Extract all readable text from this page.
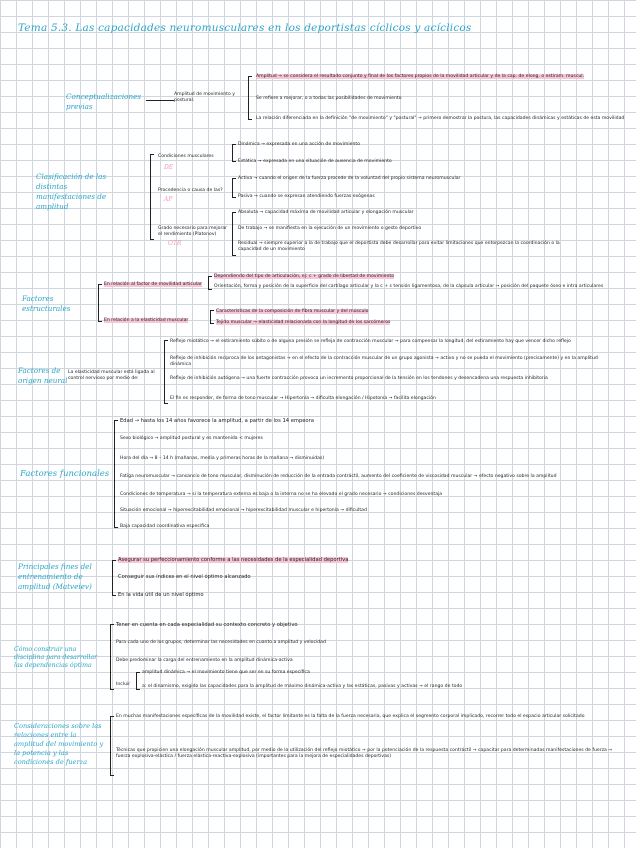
Tema 5.3. Las capacidades neuromusculares en los deportistas cíclicos y acíclicos
Conceptualizaciones previas
Amplitud de movimiento y postural.
Amplitud → se considera el resultado conjunto y final de los factores propios de la movilidad articular y de la cap. de elong. o estiram. muscul.
Se refiere a mejorar, o a todas las posibilidades de movimiento
La relación diferenciada en la definición "de movimiento" y "postural" → primero demostrar la postura, las capacidades dinámicas y estáticas de esta movilidad
Clasificación de las distintas manifestaciones de amplitud
Condiciones musculares
DE
Dinámica → expresada en una acción de movimiento
Estática → expresada en una situación de ausencia de movimiento
Procedencia o causa de las?
AP
Activa → cuando el origen de la fuerza procede de la voluntad del propio sistema neuromuscular
Pasiva → cuando se expresan atendiendo fuerzas exógenas
Grado necesario para mejorar el rendimiento (Platonov)
OTR
Absoluta → capacidad máxima de movilidad articular y elongación muscular
De trabajo → se manifiesta en la ejecución de un movimiento o gesto deportivo
Residual → siempre superior a la de trabajo que el deportista debe desarrollar para evitar limitaciones que entorpezcan la coordinación o la capacidad de un movimiento
Factores estructurales
En relación al factor de movilidad articular
Dependiendo del tipo de articulación, ej: c + grado de libertad de movimiento
Orientación, forma y posición de la superficie del cartílago articular y la c + s tensión ligamentosa, de la cápsula articular → posición del paquete óseo e intra articulares
En relación a la elasticidad muscular
Características de la composición de fibra muscular y del músculo
Tejido muscular → elasticidad relacionada con la longitud de los sarcómeros
Factores de origen neural
La elasticidad muscular está ligada al control nervioso por medio de:
Reflejo miotático → el estiramiento súbito o de alguna presión se refleja de contracción muscular → para compensar la longitud, del estiramiento hay que vencer dicho reflejo
Reflejo de inhibición recíproca de los antagonistas → en el efecto de la contracción muscular de un grupo agonista → activo y no se pueda el movimiento (precisamente) y en la amplitud dinámica
Reflejo de inhibición autógena → una fuerte contracción provoca un incremento proporcional de la tensión en los tendones y desencadena una respuesta inhibitoria
El fin es responder, de forma de tono muscular → Hipertonía → dificulta elongación / Hipotonía → facilita elongación
Factores funcionales
Edad → hasta los 14 años favorece la amplitud, a partir de los 14 empeora
Sexo biológico → amplitud postural y es mantenida < mujeres
Hora del día → 8 – 14 h (mañanas, media y primeras horas de la mañana → disminuidas)
Fatiga neuromuscular → cansancio de tono muscular, disminución de reducción de la entrada contráctil, aumento del coeficiente de viscosidad muscular → efecto negativo sobre la amplitud
Condiciones de temperatura → si la temperatura externa es baja o la interna no se ha elevado el grado necesario → condiciones desventaja
Situación emocional → hiperexcitabilidad emocional → hiperexcitabilidad muscular e hipertonía → dificultad
Baja capacidad coordinativa específica
Principales fines del entrenamiento de amplitud (Matveiev)
Asegurar su perfeccionamiento conforme a las necesidades de la especialidad deportiva
Conseguir sus índices en el nivel óptimo alcanzado
En la vida útil de un nivel óptimo
Cómo construir una disciplina para desarrollar las dependencias óptima
Tener en cuenta en cada especialidad su contexto concreto y objetivo
Para cada uno de los grupos, determinar las necesidades en cuanto a amplitud y velocidad
Debe predominar la carga del entrenamiento en la amplitud dinámica-activa
Incluir
amplitud dinámica → el movimiento tiene que ser en su forma específica
a: el dinamismo, exigido las capacidades para la amplitud de máximo dinámica-activa y las estáticas, pasivas y activas → el rango de todo
Consideraciones sobre las relaciones entre la amplitud del movimiento y la potencia y las condiciones de fuerza
En muchas manifestaciones específicas de la movilidad existe, el factor limitante es la falta de la fuerza necesaria, que explica el segmento corporal implicado, recorrer todo el espacio articular solicitado
Técnicas que propicien una elongación muscular amplitud, por medio de la utilización del reflejo miotático → por la potenciación de la respuesta contráctil → capacitar para determinadas manifestaciones de fuerza → fuerza explosiva-elástica / fuerza elástica-reactiva-explosiva (importantes para la mejora de especialidades deportivas)
